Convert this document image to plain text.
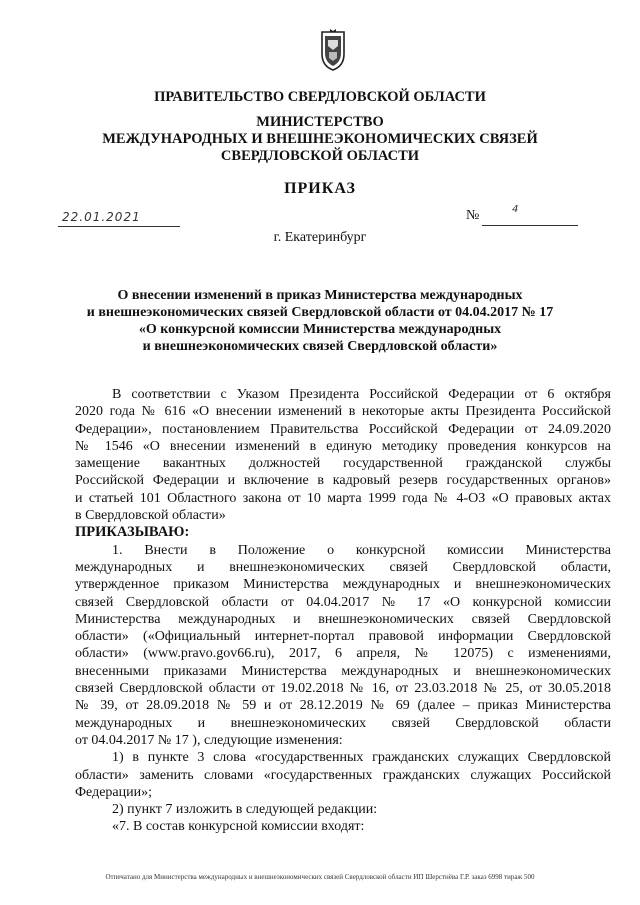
ПРАВИТЕЛЬСТВО СВЕРДЛОВСКОЙ ОБЛАСТИ
МИНИСТЕРСТВО
МЕЖДУНАРОДНЫХ И ВНЕШНЕЭКОНОМИЧЕСКИХ СВЯЗЕЙ
СВЕРДЛОВСКОЙ ОБЛАСТИ
ПРИКАЗ
22.01.2021	№	4
г. Екатеринбург
О внесении изменений в приказ Министерства международных
и внешнеэкономических связей Свердловской области от 04.04.2017 № 17
«О конкурсной комиссии Министерства международных
и внешнеэкономических связей Свердловской области»
В соответствии с Указом Президента Российской Федерации от 6 октября
2020 года № 616 «О внесении изменений в некоторые акты Президента Российской
Федерации», постановлением Правительства Российской Федерации от 24.09.2020
№ 1546 «О внесении изменений в единую методику проведения конкурсов на
замещение вакантных должностей государственной гражданской службы
Российской Федерации и включение в кадровый резерв государственных органов»
и статьей 101 Областного закона от 10 марта 1999 года № 4-ОЗ «О правовых актах
в Свердловской области»
ПРИКАЗЫВАЮ:
1. Внести в Положение о конкурсной комиссии Министерства
международных и внешнеэкономических связей Свердловской области,
утвержденное приказом Министерства международных и внешнеэкономических
связей Свердловской области от 04.04.2017 № 17 «О конкурсной комиссии
Министерства международных и внешнеэкономических связей Свердловской
области» («Официальный интернет-портал правовой информации Свердловской
области» (www.pravo.gov66.ru), 2017, 6 апреля, № 12075) с изменениями,
внесенными приказами Министерства международных и внешнеэкономических
связей Свердловской области от 19.02.2018 № 16, от 23.03.2018 № 25, от 30.05.2018
№ 39, от 28.09.2018 № 59 и от 28.12.2019 № 69 (далее – приказ Министерства
международных и внешнеэкономических связей Свердловской области
от 04.04.2017 № 17 ), следующие изменения:
1) в пункте 3 слова «государственных гражданских служащих Свердловской
области» заменить словами «государственных гражданских служащих Российской
Федерации»;
2) пункт 7 изложить в следующей редакции:
«7. В состав конкурсной комиссии входят:
Отпечатано для Министерства международных и внешнеэкономических связей Свердловской области ИП Шерстнёва Г.Р. заказ 6998 тираж 500
